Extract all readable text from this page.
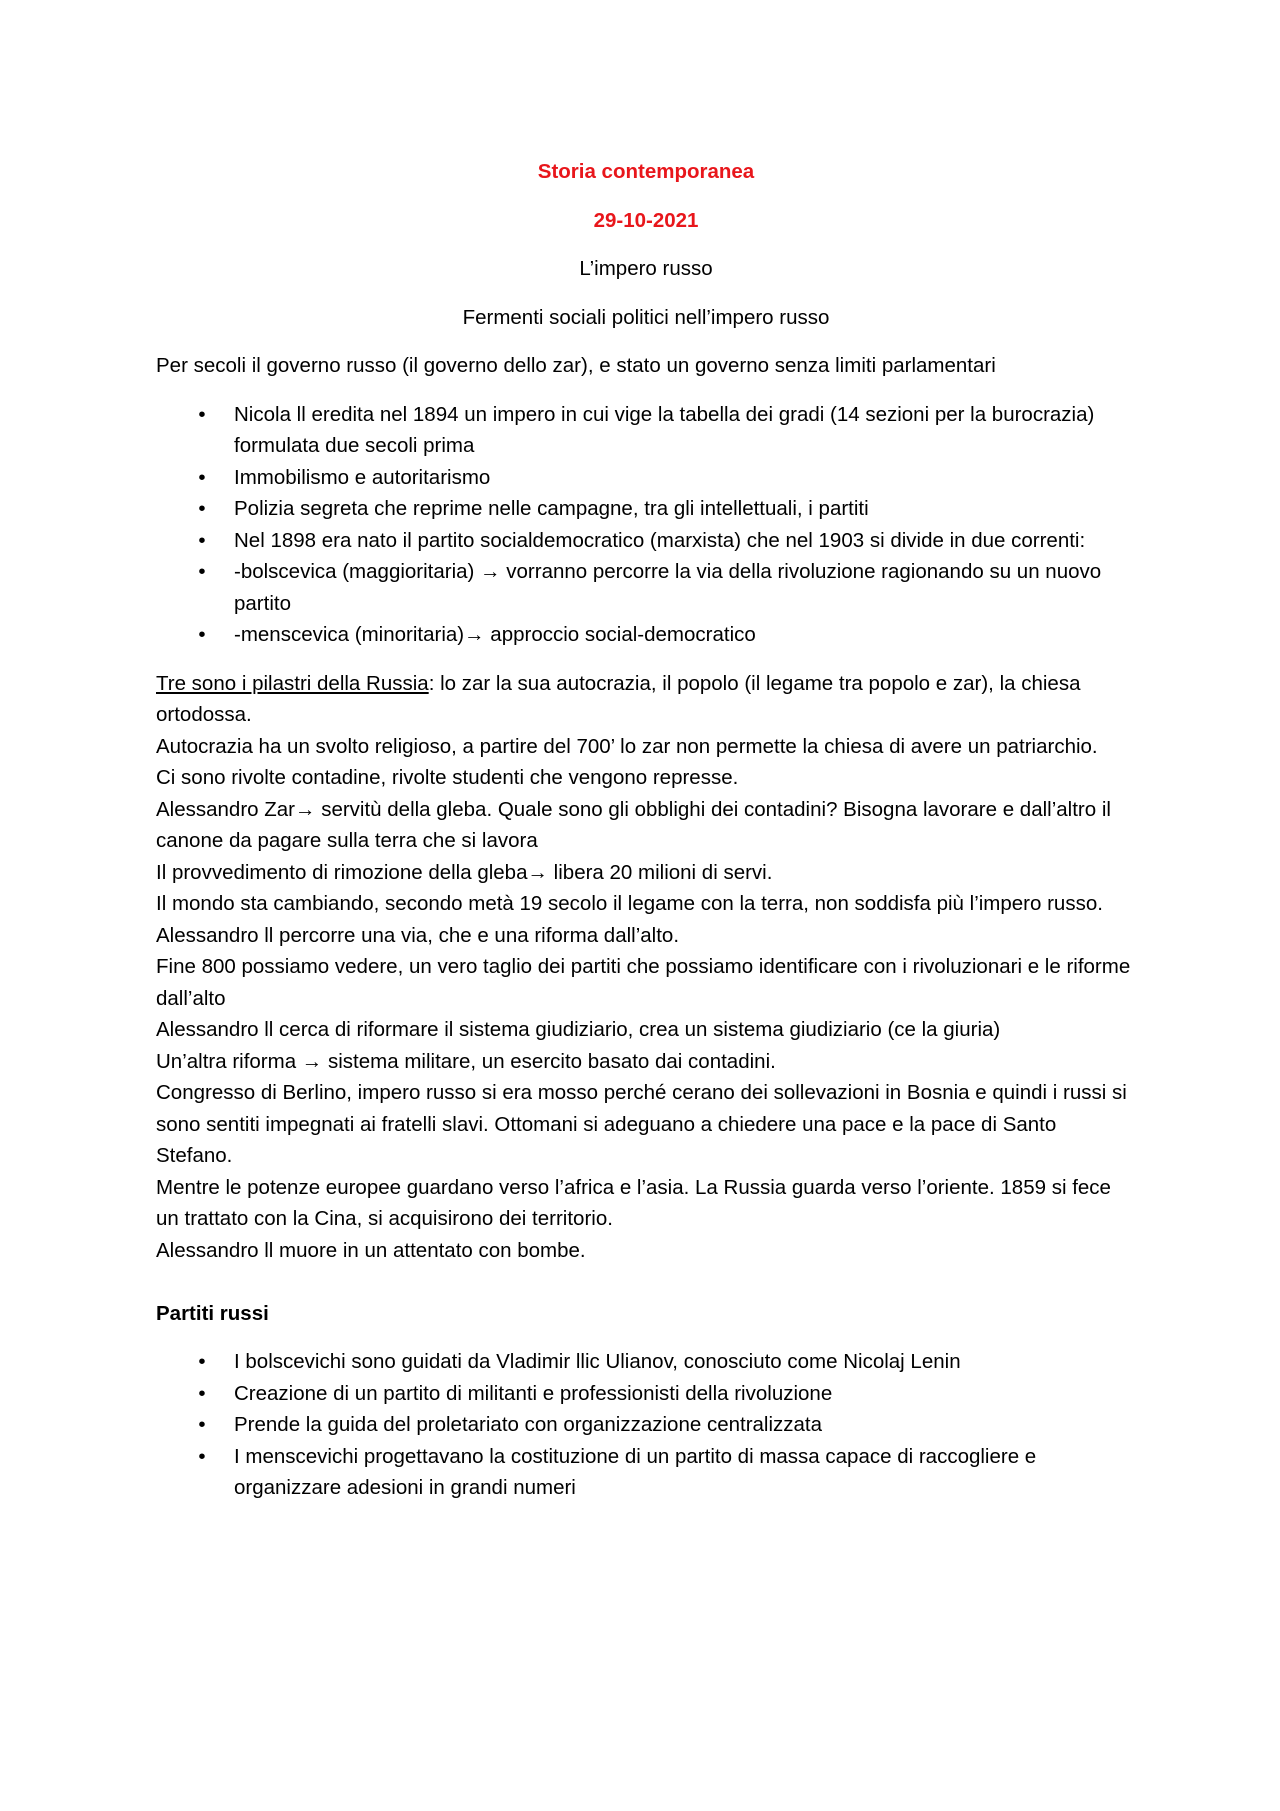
Storia contemporanea

29-10-2021

L’impero russo

Fermenti sociali politici nell’impero russo

Per secoli il governo russo (il governo dello zar), e stato un governo senza limiti parlamentari

• Nicola ll eredita nel 1894 un impero in cui vige la tabella dei gradi (14 sezioni per la burocrazia) formulata due secoli prima
• Immobilismo e autoritarismo
• Polizia segreta che reprime nelle campagne, tra gli intellettuali, i partiti
• Nel 1898 era nato il partito socialdemocratico (marxista) che nel 1903 si divide in due correnti:
• -bolscevica (maggioritaria) → vorranno percorre la via della rivoluzione ragionando su un nuovo partito
• -menscevica (minoritaria)→ approccio social-democratico

Tre sono i pilastri della Russia: lo zar la sua autocrazia, il popolo (il legame tra popolo e zar), la chiesa ortodossa.

Autocrazia ha un svolto religioso, a partire del 700’ lo zar non permette la chiesa di avere un patriarchio.

Ci sono rivolte contadine, rivolte studenti che vengono represse.

Alessandro Zar→ servitù della gleba. Quale sono gli obblighi dei contadini? Bisogna lavorare e dall’altro il canone da pagare sulla terra che si lavora

Il provvedimento di rimozione della gleba→ libera 20 milioni di servi.

Il mondo sta cambiando, secondo metà 19 secolo il legame con la terra, non soddisfa più l’impero russo.

Alessandro ll percorre una via, che e una riforma dall’alto.

Fine 800 possiamo vedere, un vero taglio dei partiti che possiamo identificare con i rivoluzionari e le riforme dall’alto

Alessandro ll cerca di riformare il sistema giudiziario, crea un sistema giudiziario (ce la giuria)

Un’altra riforma → sistema militare, un esercito basato dai contadini.

Congresso di Berlino, impero russo si era mosso perché cerano dei sollevazioni in Bosnia e quindi i russi si sono sentiti impegnati ai fratelli slavi. Ottomani si adeguano a chiedere una pace e la pace di Santo Stefano.

Mentre le potenze europee guardano verso l’africa e l’asia. La Russia guarda verso l’oriente. 1859 si fece un trattato con la Cina, si acquisirono dei territorio.

Alessandro ll muore in un attentato con bombe.

Partiti russi

• I bolscevichi sono guidati da Vladimir llic Ulianov, conosciuto come Nicolaj Lenin
• Creazione di un partito di militanti e professionisti della rivoluzione
• Prende la guida del proletariato con organizzazione centralizzata
• I menscevichi progettavano la costituzione di un partito di massa capace di raccogliere e organizzare adesioni in grandi numeri
